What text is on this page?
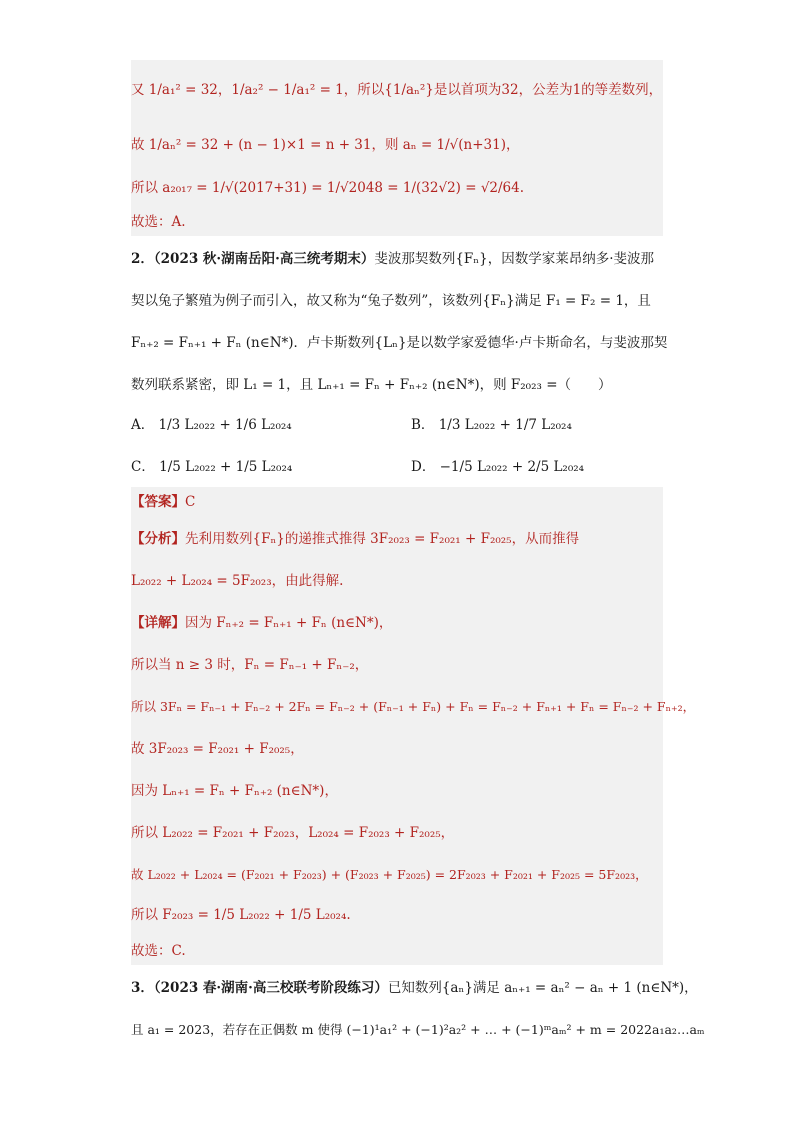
又 1/a₁² = 32，1/a₂² − 1/a₁² = 1，所以{1/aₙ²}是以首项为32，公差为1的等差数列，
故 1/aₙ² = 32 + (n − 1)×1 = n + 31，则 aₙ = 1/√(n+31)，
所以 a₂₀₁₇ = 1/√(2017+31) = 1/√2048 = 1/(32√2) = √2/64.
故选：A.
2．（2023 秋·湖南岳阳·高三统考期末）斐波那契数列{Fₙ}，因数学家莱昂纳多·斐波那
契以兔子繁殖为例子而引入，故又称为“兔子数列”，该数列{Fₙ}满足 F₁ = F₂ = 1，且
Fₙ₊₂ = Fₙ₊₁ + Fₙ (n∈N*)．卢卡斯数列{Lₙ}是以数学家爱德华·卢卡斯命名，与斐波那契
数列联系紧密，即 L₁ = 1，且 Lₙ₊₁ = Fₙ + Fₙ₊₂ (n∈N*)，则 F₂₀₂₃ =（　　）
A． 1/3 L₂₀₂₂ + 1/6 L₂₀₂₄	B． 1/3 L₂₀₂₂ + 1/7 L₂₀₂₄
C． 1/5 L₂₀₂₂ + 1/5 L₂₀₂₄	D． −1/5 L₂₀₂₂ + 2/5 L₂₀₂₄
【答案】C
【分析】先利用数列{Fₙ}的递推式推得 3F₂₀₂₃ = F₂₀₂₁ + F₂₀₂₅，从而推得
L₂₀₂₂ + L₂₀₂₄ = 5F₂₀₂₃，由此得解.
【详解】因为 Fₙ₊₂ = Fₙ₊₁ + Fₙ (n∈N*)，
所以当 n ≥ 3 时，Fₙ = Fₙ₋₁ + Fₙ₋₂，
所以 3Fₙ = Fₙ₋₁ + Fₙ₋₂ + 2Fₙ = Fₙ₋₂ + (Fₙ₋₁ + Fₙ) + Fₙ = Fₙ₋₂ + Fₙ₊₁ + Fₙ = Fₙ₋₂ + Fₙ₊₂，
故 3F₂₀₂₃ = F₂₀₂₁ + F₂₀₂₅，
因为 Lₙ₊₁ = Fₙ + Fₙ₊₂ (n∈N*)，
所以 L₂₀₂₂ = F₂₀₂₁ + F₂₀₂₃，L₂₀₂₄ = F₂₀₂₃ + F₂₀₂₅，
故 L₂₀₂₂ + L₂₀₂₄ = (F₂₀₂₁ + F₂₀₂₃) + (F₂₀₂₃ + F₂₀₂₅) = 2F₂₀₂₃ + F₂₀₂₁ + F₂₀₂₅ = 5F₂₀₂₃，
所以 F₂₀₂₃ = 1/5 L₂₀₂₂ + 1/5 L₂₀₂₄.
故选：C.
3．（2023 春·湖南·高三校联考阶段练习）已知数列{aₙ}满足 aₙ₊₁ = aₙ² − aₙ + 1 (n∈N*)，
且 a₁ = 2023，若存在正偶数 m 使得 (−1)¹a₁² + (−1)²a₂² + … + (−1)ᵐaₘ² + m = 2022a₁a₂…aₘ
